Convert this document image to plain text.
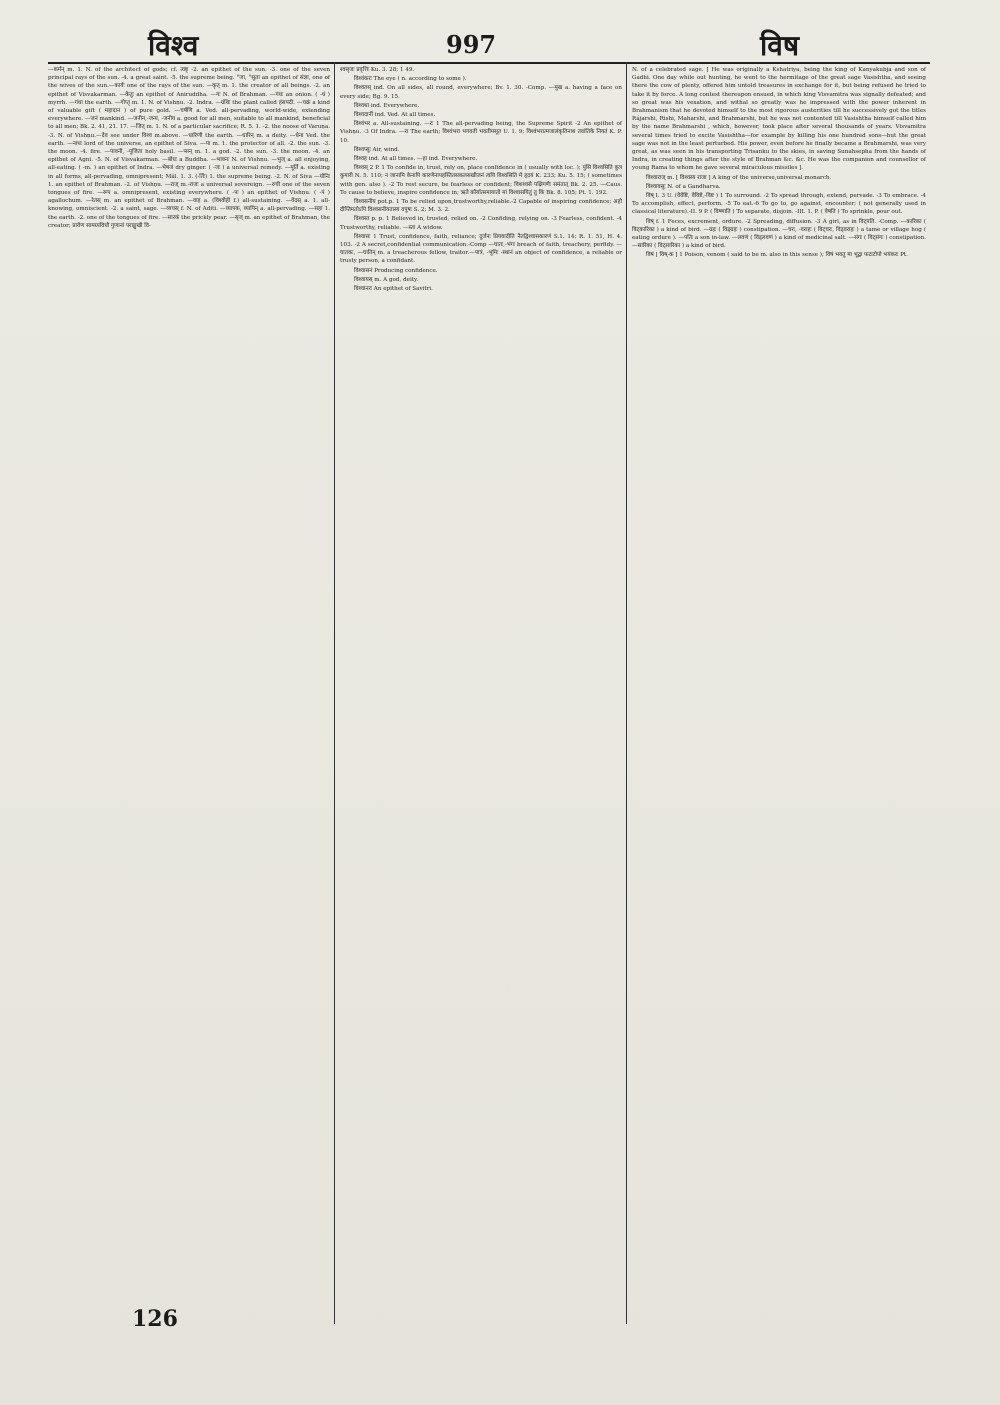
विश्व	997	विष

—कर्मन् m. 1. N. of the architect of gods; cf. त्वष्टृ -2. an epithet of the sun. -3. one of the seven principal rays of the sun. -4. a great saint. -5. the supreme being. °जा, °सुता an epithet of संज्ञा, one of the wives of the sun.—कार्यः one of the rays of the sun. —कृत् m. 1. the creator of all beings. -2. an epithet of Visvakarman. —केतुः an epithet of Aniruddha. —गः N. of Brahman. —गंधः an onion. ( -धं ) myrrh. —गंधा the earth. —गोप्तृ m. 1. N. of Vishṇu. -2. Indra. —ग्रंथिः the plant called हंसपदी. —चक्रं a kind of valuable gift ( महादान ) of pure gold. —चर्षणि a. Ved. all-pervading, world-wide, extending everywhere. —जनं mankind. —जनीन,-जन्य, -जनीय a. good for all men, suitable to all mankind, beneficial to all men; Bk. 2. 41, 21. 17. —जित् m. 1. N. of a particular sacrifice; R. 5. 1. -2. the noose of Varuṇa. -3. N. of Vishṇu.—देव see under विश्व m.above. —धारिणी the earth. —धारिन् m. a deity. —धेना Ved. the earth. —नाथः lord of the universe, an epithet of Siva. —पा m. 1. the protector of all. -2. the sun. -3. the moon. -4. fire. —पावनी, -पूजिता holy basil. —प्सन् m. 1. a god. -2. the sun. -3. the moon. -4. an epithet of Agni. -5. N. of Visvakarman. —बोधः a Buddha. —भावनः N. of Vishṇu. —भुज् a. all enjoying, all-eating. ( -m. ) an epithet of Indra. —भेषजं dry ginger. ( -जः ) a universal remedy. —मूर्ति a. existing in all forms, all-pervading, omnipresent; Mâl. 1. 3. (-र्तिः) 1. the supreme being. -2. N. of Siva —योनिः 1. an epithet of Brahman. -2. of Vishṇu. —राज् m.-राजः a universal sovereign. —रुची one of the seven tongues of fire. —रूप a. omnipresent, existing everywhere. ( -पः ) an epithet of Vishṇu. ( -पं ) agallochum. —रेतस् m. an epithet of Brahman. —वाह a. (विश्वौही f.) all-sustaining. —वेदस् a. 1. all-knowing, omniscient. -2. a saint, sage. —व्यचस् f. N. of Aditi. —व्यापक, व्यापिन् a. all-pervading. —सहा 1. the earth. -2. one of the tongues of fire. —सारकं the prickly pear. —सृज् m. an epithet of Brahman, the creator; प्रायेण सामग्र्यविधौ गुणानां पराङ्मुखी वि-

श्वसृजः प्रवृत्तिः Ku. 3. 28; 1 49.

विश्वंकरः The eye ( n. according to some ).

विश्वतस् ind. On all sides, all round, everywhere; Bv. 1. 30. -Comp. —मुख a. having a face on every side; Bg. 9. 15.

विश्वथा ind. Everywhere.

विश्वदानीं ind. Ved. At all times.

विश्वंभर a. All-sustaining. —रः 1 The all-pervading being, the Supreme Spirit -2 An epithet of Vishṇu. -3 Of Indra. —रा The earth; विश्वंभरा भगवती भवतीमसूत U. 1. 9; विश्वंभरात्मजालंकृतिनाथ तवांतिके नियतं K. P. 10.

विश्वप्सुः Air, wind.

विश्वह ind. At all times. —हा ind. Everywhere.

विश्वस् 2 P. 1 To confide in, trust, rely on, place confidence in ( usually with loc. ); पुंसि विश्वसिति कुत्र कुमारी N. 5. 110; न जानामि केनापि कारणेनापहस्तितसकलसखीजनं त्वयि विश्वसिति मे हृदयं K. 233; Ku. 5. 15; ( sometimes with gen. also ). -2 To rest secure, be fearless or confident; विशश्वसे पक्षिगणैः समंतात् Bk. 2. 25. —Caus. To cause to believe, inspire confidence in; ऋते कौर्यात्समायातो मां विश्वासयितुं तु किं Bk. 8. 105; Pt. 1. 192.

विश्वसनीय pot.p. 1 To be relied upon,trustworthy,reliable.-2 Capable of inspiring confidence; अहो दीप्तिमतोऽपि विश्वसनीयतास्य वपुषः S. 2; M. 3. 2.

विश्वस्त p. p. 1 Believed in, trusted, relied on. -2 Confiding, relying on. -3 Fearless, confident. -4 Trustworthy, reliable. —स्ता A widow.

विश्वासः 1 Trust, confidence, faith, reliance; दुर्जनः प्रियवादीति नैतद्विश्वासकारणं S.1. 14; R. 1. 51, H. 4. 103. -2 A secret,confidential communication.-Comp —घातः,-भंगः breach of faith, treachery, perfidy. —घातकः, —घातिन् m. a treacherous fellow, traitor.—पात्रं, -भूमिः -स्थानं an object of confidence, a reliable or trusty person, a confidant.

विश्वासनं Producing confidence.

विश्वायस् m. A god, deity.

विश्वानरः An epithet of Savitri.

N. of a celebrated sage. [ He was originally a Kshatriya, being the king of Kanyakubja and son of Gadhi. One day while out hunting, he went to the hermitage of the great sage Vasishtha, and seeing there the cow of plenty, offered him untold treasures in exchange for it, but being refused he tried to take it by force. A long contest thereupon ensued, in which king Visvamitra was signally defeated; and so great was his vexation, and withal so greatly was he impressed with the power inherent in Brahmanism that he devoted himself to the most rigorous austerities till he successively got the titles Rájarshi, Rishi, Maharshi, and Brahmarshi, but he was not contented till Vasishtha himself called him by the name Brahmarshi , which, however, took place after several thousands of years. Visvamitra several times tried to excite Vasishtha—for example by killing his one hundred sons—but the great sage was not in the least perturbed. His power, even before he finally became a Brahmarshi, was very great, as was seen in his transporting Trisanku to the skies, in saving Sunahsepha from the hands of Indra, in creating things after the style of Brahman &c. &c. He was the companion and counsellor of young Rama to whom he gave several miraculous missiles ].

विश्वाराज् m. [ विश्वस्य राजा ] A king of the universe,universal monarch.

विश्वावसुः N. of a Gandharva.

विष् I. 3 U. (वेवेष्टि, वेविष्टे,-विष्ट ) 1 To surround. -2 To spread through, extend, pervade. -3 To embrace. -4 To accomplish, effect, perform. -5 To eat.-6 To go to, go against, encounter; ( not generally used in classical literature).-II. 9 P. ( विष्णाति ) To separate, disjoin. -III. 1. P. ( वेषति ) To sprinkle, pour out.

विष् f. 1 Feces, excrement, ordure. -2 Spreading, diffusion. -3 A girl, as in विट्पति. -Comp. —कारिका ( विट्कारिका ) a kind of bird. —ग्रहः ( विड्ग्रहः ) constipation. —चरः, -वराहः ( विट्चरः, विड्वराहः ) a tame or village hog ( eating ordure ). —पतिः a son in-law. —लवणं ( विड्लवणं ) a kind of medicinal salt. —संगः ( विट्संगः ) constipation. —सारिका ( विट्सारिका ) a kind of bird.

विषं [ विष्-क ] 1 Poison, venom ( said to be m. also in this sense ); विषं भवतु मा भूद्वा फटाटोपो भयंकरः Pt.

126
